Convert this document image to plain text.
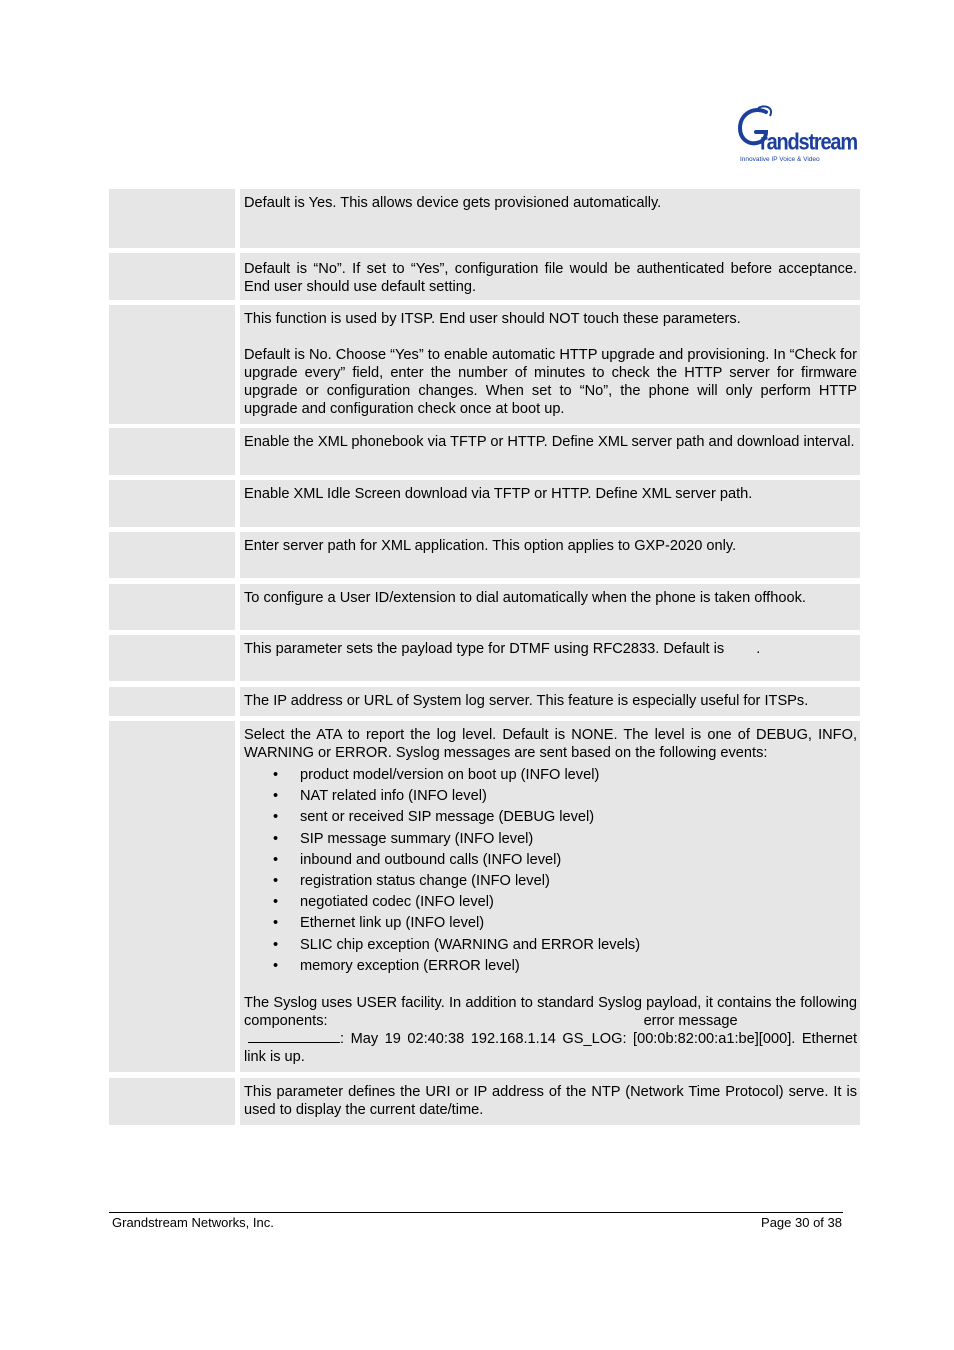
randstream
Innovative IP Voice & Video

Default is Yes. This allows device gets provisioned automatically.

Default is “No”. If set to “Yes”, configuration file would be authenticated before acceptance. End user should use default setting.

This function is used by ITSP. End user should NOT touch these parameters.

Default is No. Choose “Yes” to enable automatic HTTP upgrade and provisioning. In “Check for upgrade every” field, enter the number of minutes to check the HTTP server for firmware upgrade or configuration changes. When set to “No”, the phone will only perform HTTP upgrade and configuration check once at boot up.

Enable the XML phonebook via TFTP or HTTP. Define XML server path and download interval.

Enable XML Idle Screen download via TFTP or HTTP. Define XML server path.

Enter server path for XML application. This option applies to GXP-2020 only.

To configure a User ID/extension to dial automatically when the phone is taken offhook.

This parameter sets the payload type for DTMF using RFC2833. Default is .

The IP address or URL of System log server. This feature is especially useful for ITSPs.

Select the ATA to report the log level. Default is NONE. The level is one of DEBUG, INFO, WARNING or ERROR. Syslog messages are sent based on the following events:

• product model/version on boot up (INFO level)
• NAT related info (INFO level)
• sent or received SIP message (DEBUG level)
• SIP message summary (INFO level)
• inbound and outbound calls (INFO level)
• registration status change (INFO level)
• negotiated codec (INFO level)
• Ethernet link up (INFO level)
• SLIC chip exception (WARNING and ERROR levels)
• memory exception (ERROR level)

The Syslog uses USER facility. In addition to standard Syslog payload, it contains the following components:	error message
: May 19 02:40:38 192.168.1.14 GS_LOG: [00:0b:82:00:a1:be][000]. Ethernet link is up.

This parameter defines the URI or IP address of the NTP (Network Time Protocol) serve. It is used to display the current date/time.

Grandstream Networks, Inc.	Page 30 of 38
